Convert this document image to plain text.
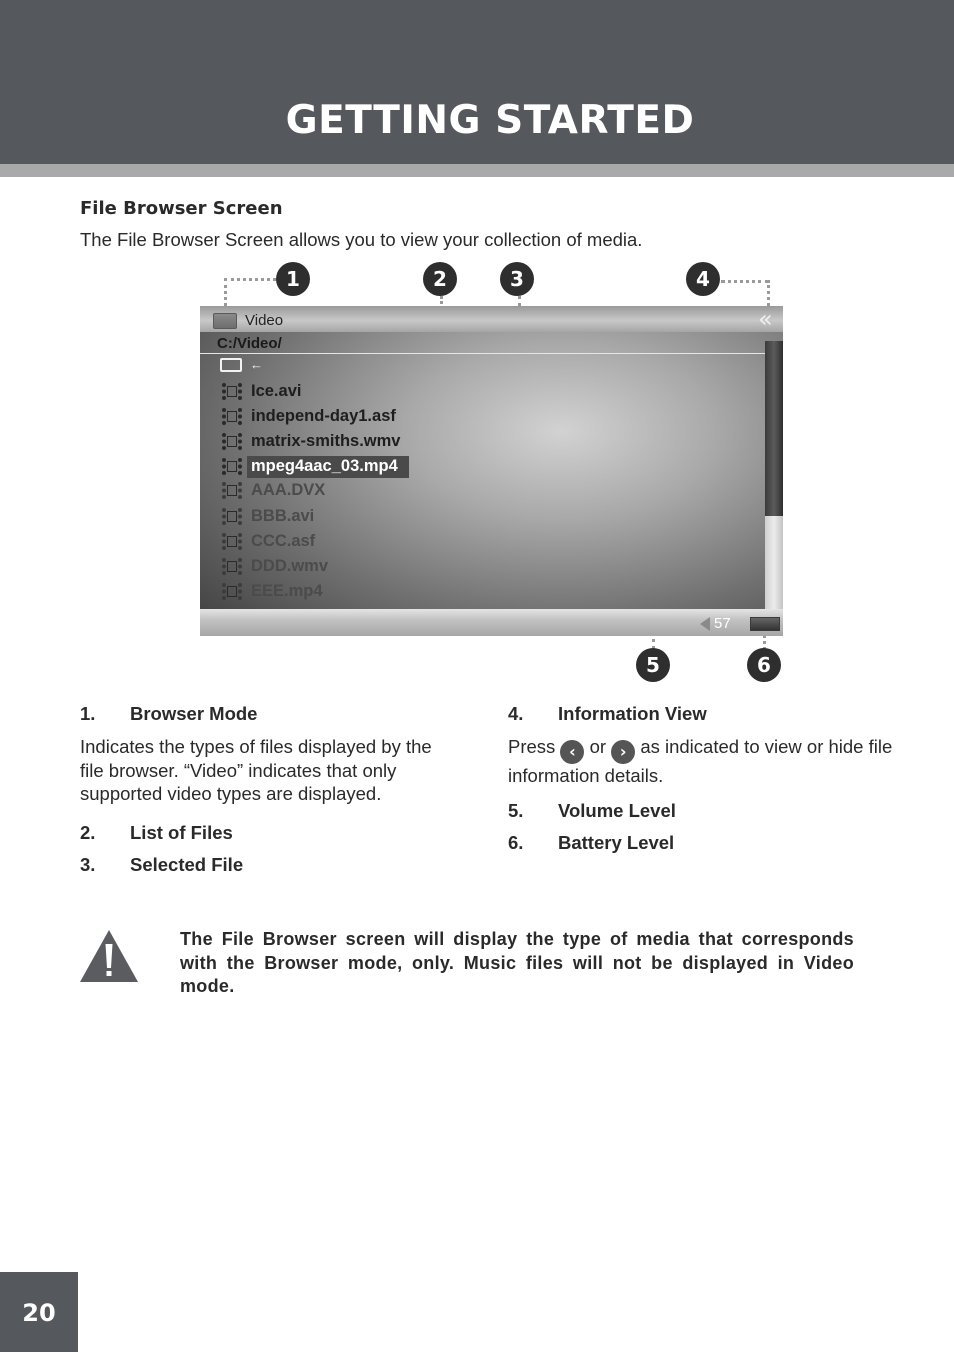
GETTING STARTED
File Browser Screen
The File Browser Screen allows you to view your collection of media.
Video	«
C:/Video/
←
Ice.avi
independ-day1.asf
matrix-smiths.wmv
mpeg4aac_03.mp4
AAA.DVX
BBB.avi
CCC.asf
DDD.wmv
EEE.mp4
57
1	2	3	4
5	6
1. Browser Mode
Indicates the types of files displayed by the file browser. “Video” indicates that only supported video types are displayed.
2. List of Files
3. Selected File
4. Information View
Press ‹ or › as indicated to view or hide file information details.
5. Volume Level
6. Battery Level
The File Browser screen will display the type of media that corresponds with the Browser mode, only. Music files will not be displayed in Video mode.
20
